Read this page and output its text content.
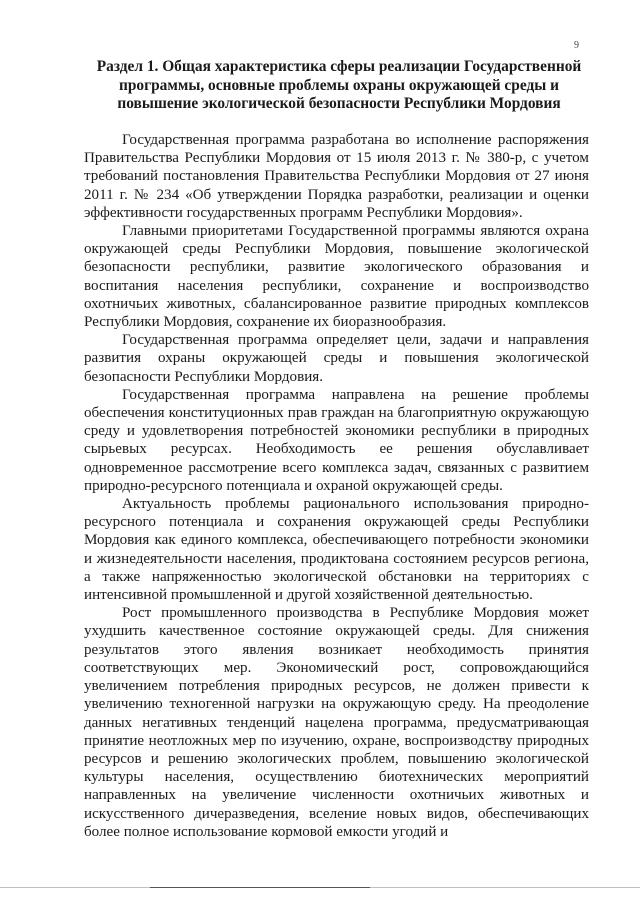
9
Раздел 1. Общая характеристика сферы реализации Государственной
программы, основные проблемы охраны окружающей среды и
повышение экологической безопасности Республики Мордовия

Государственная программа разработана во исполнение распоряжения Правительства Республики Мордовия от 15 июля 2013 г. № 380-р, с учетом требований постановления Правительства Республики Мордовия от 27 июня 2011 г. № 234 «Об утверждении Порядка разработки, реализации и оценки эффективности государственных программ Республики Мордовия».

Главными приоритетами Государственной программы являются охрана окружающей среды Республики Мордовия, повышение экологической безопасности республики, развитие экологического образования и воспитания населения республики, сохранение и воспроизводство охотничьих животных, сбалансированное развитие природных комплексов Республики Мордовия, сохранение их биоразнообразия.

Государственная программа определяет цели, задачи и направления развития охраны окружающей среды и повышения экологической безопасности Республики Мордовия.

Государственная программа направлена на решение проблемы обеспечения конституционных прав граждан на благоприятную окружающую среду и удовлетворения потребностей экономики республики в природных сырьевых ресурсах. Необходимость ее решения обуславливает одновременное рассмотрение всего комплекса задач, связанных с развитием природно-ресурсного потенциала и охраной окружающей среды.

Актуальность проблемы рационального использования природно-ресурсного потенциала и сохранения окружающей среды Республики Мордовия как единого комплекса, обеспечивающего потребности экономики и жизнедеятельности населения, продиктована состоянием ресурсов региона, а также напряженностью экологической обстановки на территориях с интенсивной промышленной и другой хозяйственной деятельностью.

Рост промышленного производства в Республике Мордовия может ухудшить качественное состояние окружающей среды. Для снижения результатов этого явления возникает необходимость принятия соответствующих мер. Экономический рост, сопровождающийся увеличением потребления природных ресурсов, не должен привести к увеличению техногенной нагрузки на окружающую среду. На преодоление данных негативных тенденций нацелена программа, предусматривающая принятие неотложных мер по изучению, охране, воспроизводству природных ресурсов и решению экологических проблем, повышению экологической культуры населения, осуществлению биотехнических мероприятий направленных на увеличение численности охотничьих животных и искусственного дичеразведения, вселение новых видов, обеспечивающих более полное использование кормовой емкости угодий и
